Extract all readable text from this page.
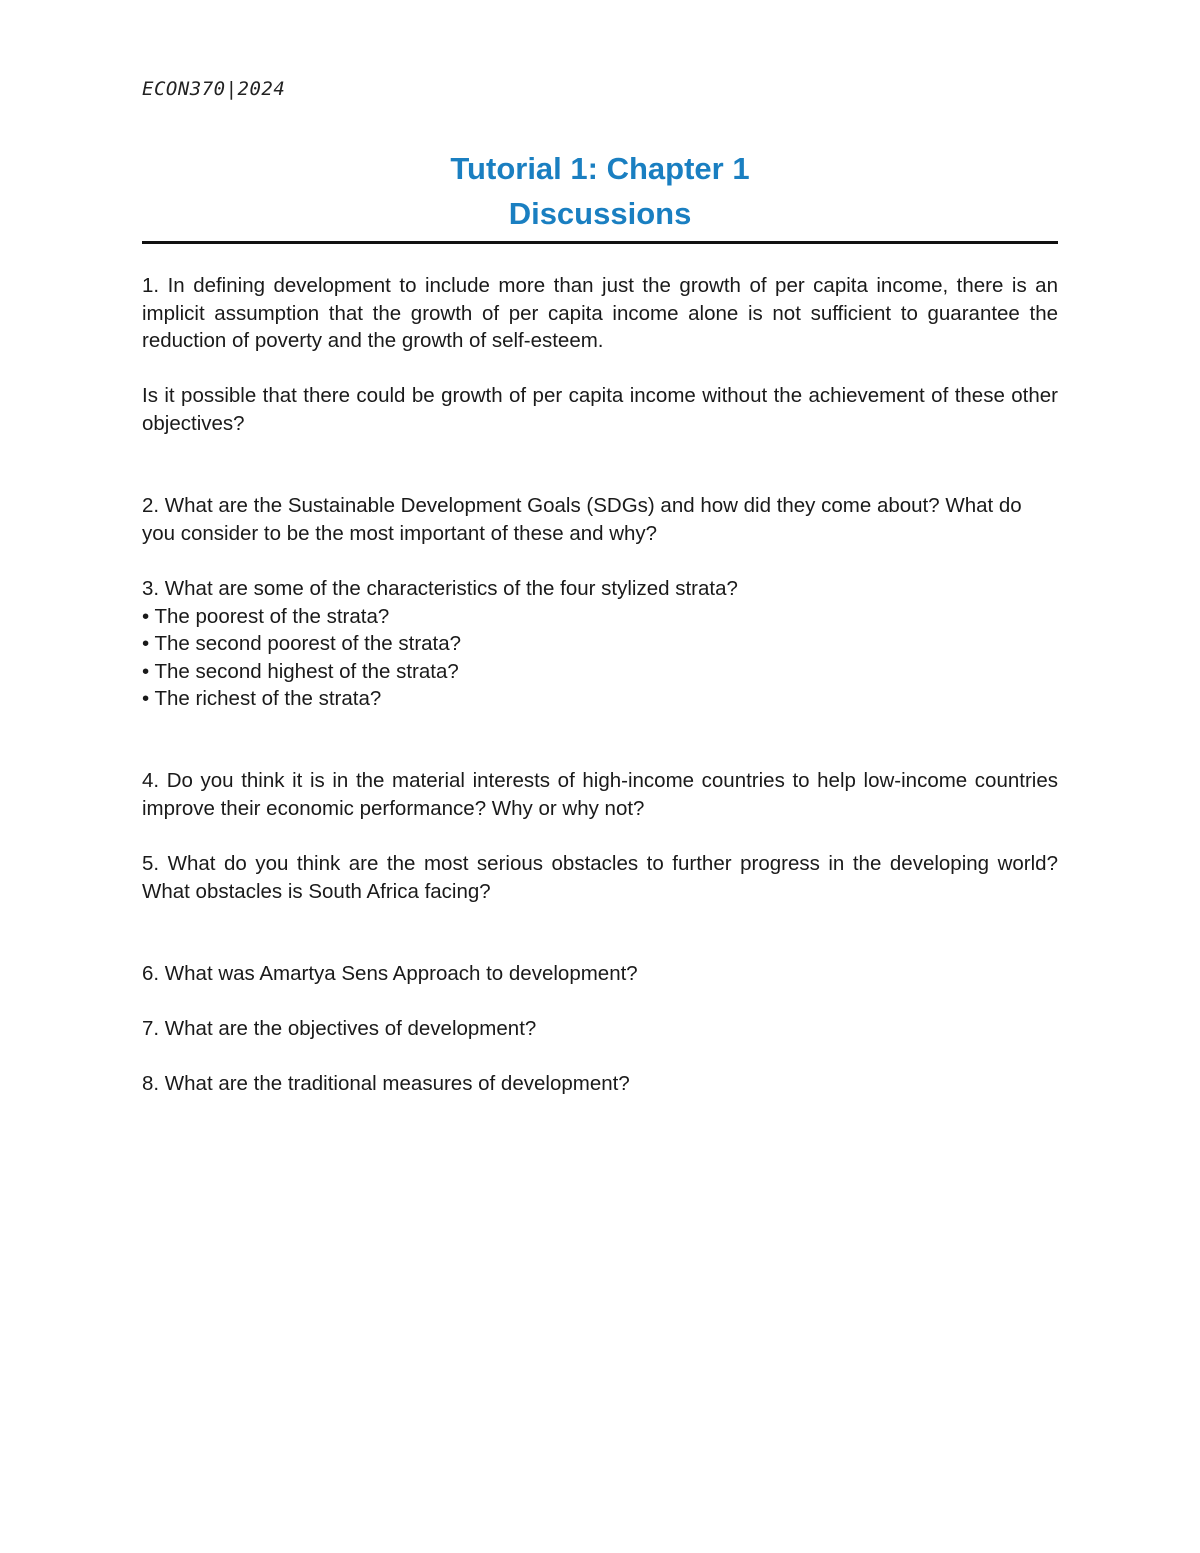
ECON370|2024
Tutorial 1: Chapter 1
Discussions

1. In defining development to include more than just the growth of per capita income, there is an implicit assumption that the growth of per capita income alone is not sufficient to guarantee the reduction of poverty and the growth of self-esteem.

Is it possible that there could be growth of per capita income without the achievement of these other objectives?

2. What are the Sustainable Development Goals (SDGs) and how did they come about? What do you consider to be the most important of these and why?

3. What are some of the characteristics of the four stylized strata?

• The poorest of the strata?
• The second poorest of the strata?
• The second highest of the strata?
• The richest of the strata?

4. Do you think it is in the material interests of high-income countries to help low-income countries improve their economic performance? Why or why not?

5. What do you think are the most serious obstacles to further progress in the developing world? What obstacles is South Africa facing?

6. What was Amartya Sens Approach to development?

7. What are the objectives of development?

8. What are the traditional measures of development?
